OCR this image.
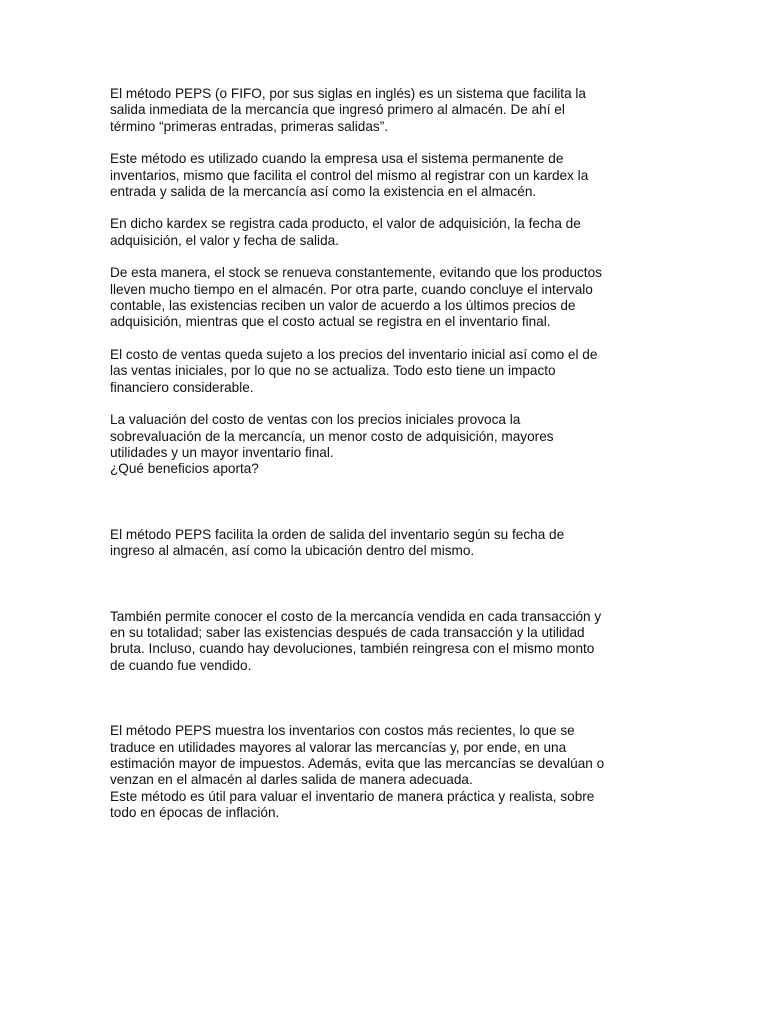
El método PEPS (o FIFO, por sus siglas en inglés) es un sistema que facilita la
salida inmediata de la mercancía que ingresó primero al almacén. De ahí el
término “primeras entradas, primeras salidas”.

Este método es utilizado cuando la empresa usa el sistema permanente de
inventarios, mismo que facilita el control del mismo al registrar con un kardex la
entrada y salida de la mercancía así como la existencia en el almacén.

En dicho kardex se registra cada producto, el valor de adquisición, la fecha de
adquisición, el valor y fecha de salida.

De esta manera, el stock se renueva constantemente, evitando que los productos
lleven mucho tiempo en el almacén. Por otra parte, cuando concluye el intervalo
contable, las existencias reciben un valor de acuerdo a los últimos precios de
adquisición, mientras que el costo actual se registra en el inventario final.

El costo de ventas queda sujeto a los precios del inventario inicial así como el de
las ventas iniciales, por lo que no se actualiza. Todo esto tiene un impacto
financiero considerable.

La valuación del costo de ventas con los precios iniciales provoca la
sobrevaluación de la mercancía, un menor costo de adquisición, mayores
utilidades y un mayor inventario final.
¿Qué beneficios aporta?

El método PEPS facilita la orden de salida del inventario según su fecha de
ingreso al almacén, así como la ubicación dentro del mismo.

También permite conocer el costo de la mercancía vendida en cada transacción y
en su totalidad; saber las existencias después de cada transacción y la utilidad
bruta. Incluso, cuando hay devoluciones, también reingresa con el mismo monto
de cuando fue vendido.

El método PEPS muestra los inventarios con costos más recientes, lo que se
traduce en utilidades mayores al valorar las mercancías y, por ende, en una
estimación mayor de impuestos. Además, evita que las mercancías se devalúan o
venzan en el almacén al darles salida de manera adecuada.
Este método es útil para valuar el inventario de manera práctica y realista, sobre
todo en épocas de inflación.
